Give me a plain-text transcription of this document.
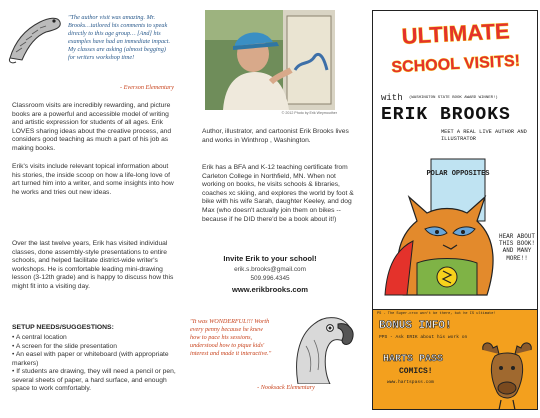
"The author visit was amazing. Mr. Brooks…tailored his comments to speak directly to this age group… [And] his examples have had an immediate impact. My classes are asking (almost begging) for writers workshop time!

- Everson Elementary

Classroom visits are incredibly rewarding, and picture books are a powerful and accessible model of writing and artistic expression for students of all ages. Erik LOVES sharing ideas about the creative process, and considers good teaching as much a part of his job as making books.

Erik's visits include relevant topical information about his stories, the inside scoop on how a life-long love of art turned him into a writer, and some insights into how he works and tries out new ideas.

Over the last twelve years, Erik has visited individual classes, done assembly-style presentations to entire schools, and helped facilitate district-wide writer's workshops. He is comfortable leading mini-drawing lesson (3-12th grade) and is happy to discuss how this might fit into a visiting day.

SETUP NEEDS/SUGGESTIONS:
• A central location
• A screen for the slide presentation
• An easel with paper or whiteboard (with appropriate markers)
• If students are drawing, they will need a pencil or pen, several sheets of paper, a hard surface, and enough space to work comfortably.

© 2012 Photo by Erik Weymouther

Author, illustrator, and cartoonist Erik Brooks lives and works in Winthrop , Washington.

Erik has a BFA and K-12 teaching certificate from Carleton College in Northfield, MN. When not working on books, he visits schools & libraries, coaches xc skiing, and explores the world by foot & bike with his wife Sarah, daughter Keeley, and dog Max (who doesn't actually join them on bikes -- because if he DID there'd be a book about it!)

Invite Erik to your school!

erik.s.brooks@gmail.com

509.996.4345

www.erikbrooks.com

"It was WONDERFUL!!! Worth every penny because he knew how to pace his sessions, understood how to pique kids' interest and made it interactive."

- Nooksack Elementary

ULTIMATE
SCHOOL VISITS!
with (WASHINGTON STATE BOOK AWARD WINNER!)
ERIK BROOKS
MEET A REAL LIVE AUTHOR AND ILLUSTRATOR
POLAR OPPOSITES
HEAR ABOUT THIS BOOK! AND MANY MORE!!

PS - The Super-croc won't be there, but he IS ultimate!

BONUS INFO!

PPS - Ask ERIK about his work on

HARTS PASS

COMICS!

www.hartspass.com
